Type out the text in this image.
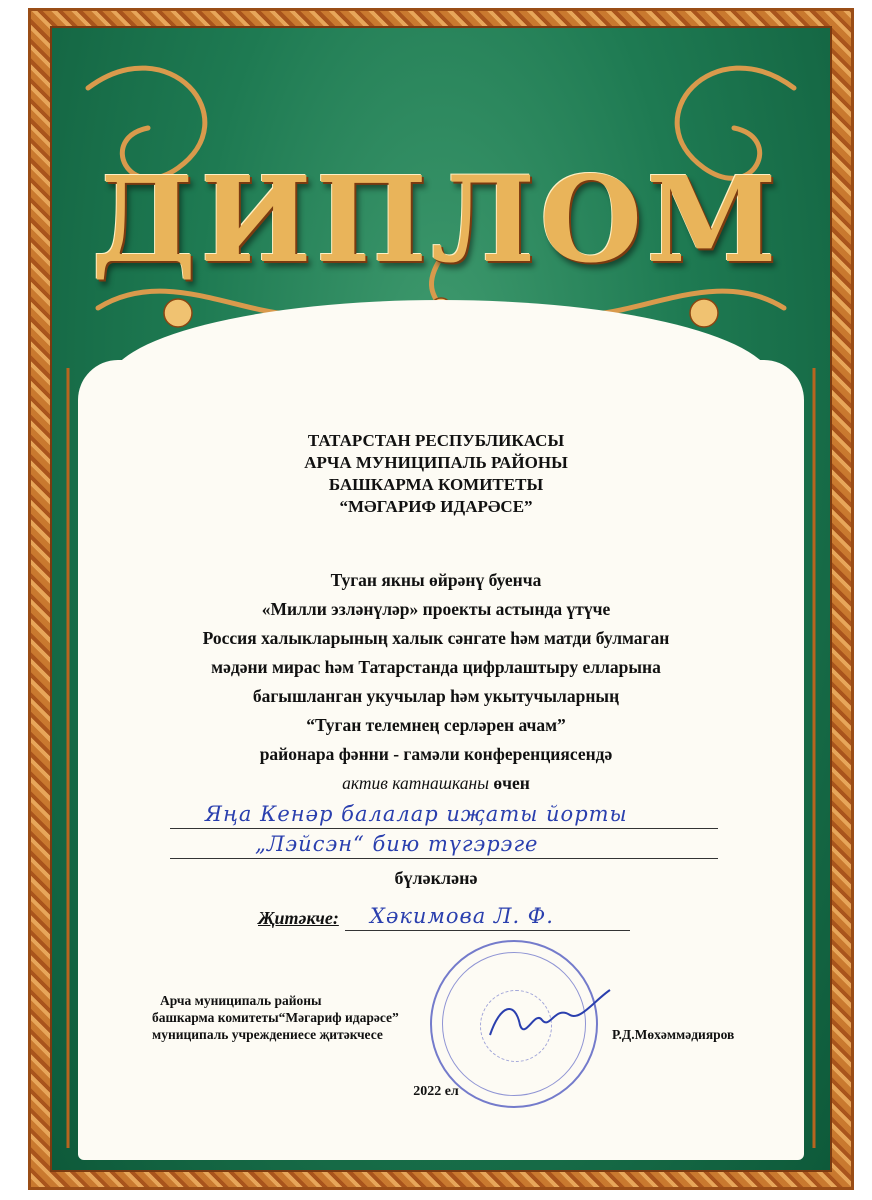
ДИПЛОМ
ТАТАРСТАН РЕСПУБЛИКАСЫ
АРЧА МУНИЦИПАЛЬ РАЙОНЫ
БАШКАРМА КОМИТЕТЫ
“МӘГАРИФ ИДАРӘСЕ”
Туган якны өйрәнү буенча
«Милли эзләнүләр» проекты астында үтүче
Россия халыкларының халык сәнгате һәм матди булмаган
мәдәни мирас һәм Татарстанда цифрлаштыру елларына
багышланган укучылар һәм укытучыларның
“Туган телемнең серләрен ачам”
районара фәнни - гамәли конференциясендә
актив катнашканы өчен
Яңа Кенәр балалар иҗаты йорты
„Лэйсэн“ бию түгэрэге
бүләкләнә
Җитәкче: Хәкимова Л. Ф.
Арча муниципаль районы
башкарма комитеты“Мәгариф идарәсе”
муниципаль учреждениесе җитәкчесе	Р.Д.Мөхәммәдияров
2022 ел
